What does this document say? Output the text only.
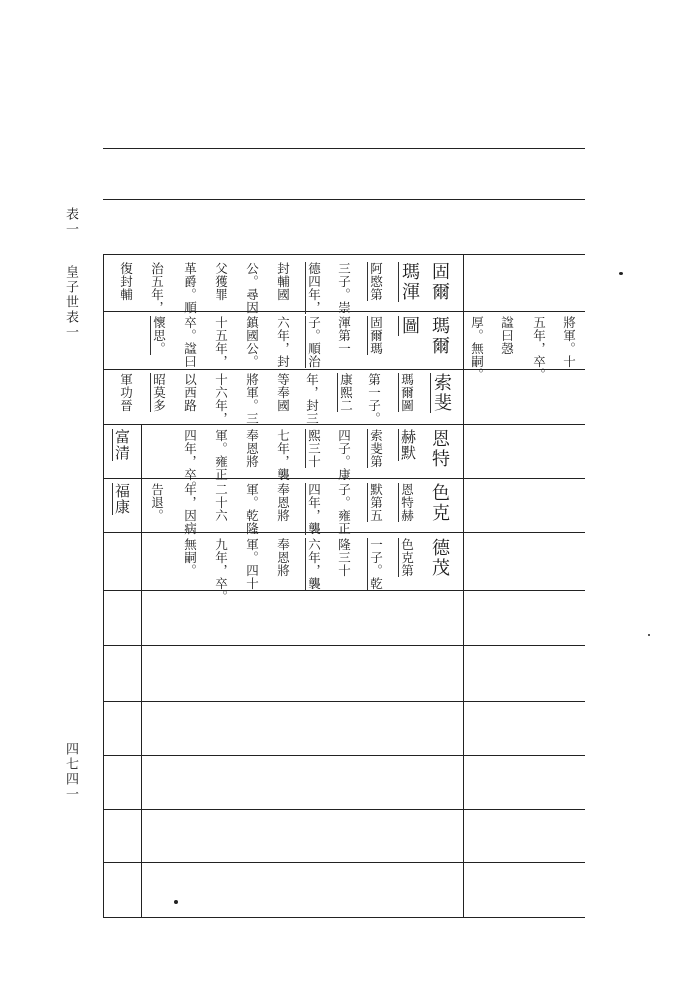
表一
皇子世表一
四七四一
固爾
瑪渾
阿愍第
三子。崇
德四年，
封輔國
公。尋因
父獲罪
革爵。順
治五年，
復封輔
瑪爾
圖
固爾瑪
渾第一
子。順治
六年，封
鎮國公。
十五年，
卒。諡曰
懷思。	將軍。十
五年，卒。
諡曰愨
厚。無嗣。
索斐
瑪爾圖
第一子。
康熙二
年，封三
等奉國
將軍。三
十六年，
以西路
昭莫多
軍功晉
恩特
赫默
索斐第
四子。康
熙三十
七年，襲
奉恩將
軍。雍正
四年，卒。
富清
色克
恩特赫
默第五
子。雍正
四年，襲
奉恩將
軍。乾隆
二十六
年，因病
告退。
福康
德茂
色克第
一子。乾
隆三十
六年，襲
奉恩將
軍。四十
九年，卒。
無嗣。
